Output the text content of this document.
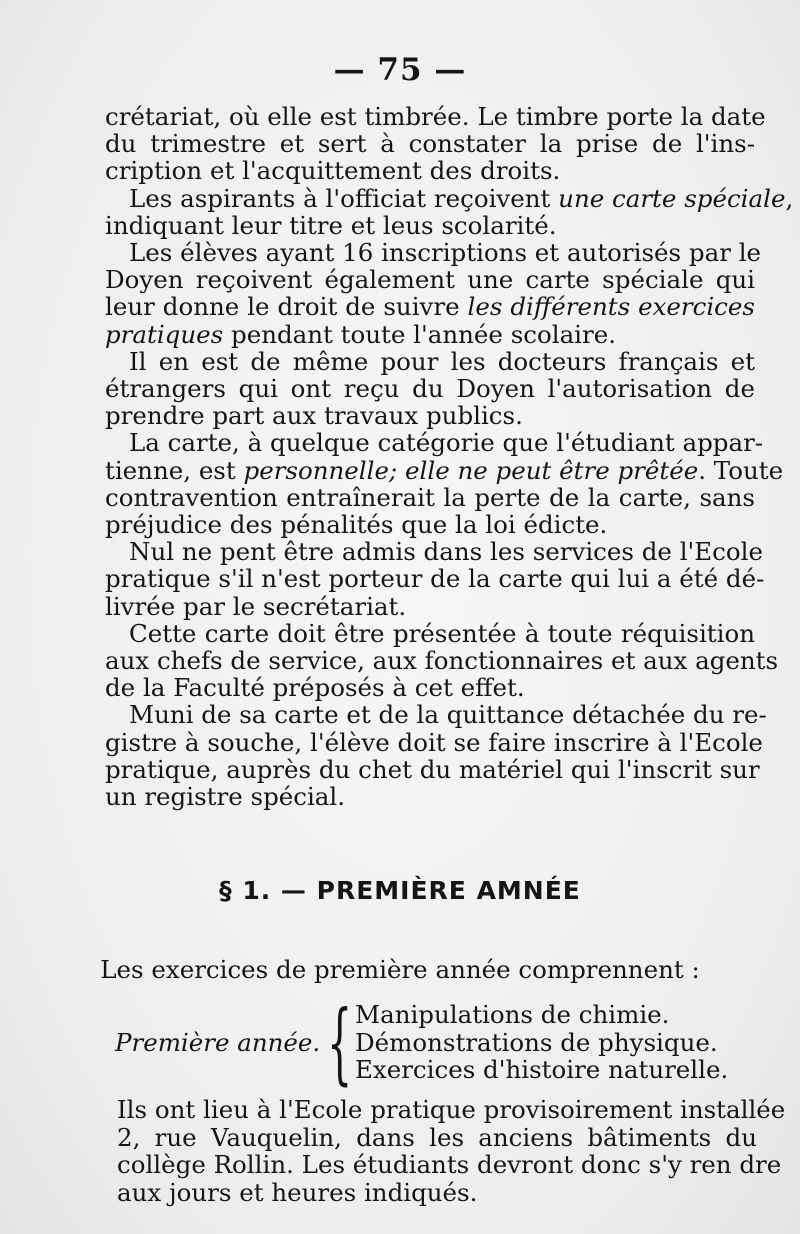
— 75 —
crétariat, où elle est timbrée. Le timbre porte la date
du trimestre et sert à constater la prise de l'ins-
cription et l'acquittement des droits.
Les aspirants à l'officiat reçoivent une carte spéciale,
indiquant leur titre et leus scolarité.
Les élèves ayant 16 inscriptions et autorisés par le
Doyen reçoivent également une carte spéciale qui
leur donne le droit de suivre les différents exercices
pratiques pendant toute l'année scolaire.
Il en est de même pour les docteurs français et
étrangers qui ont reçu du Doyen l'autorisation de
prendre part aux travaux publics.
La carte, à quelque catégorie que l'étudiant appar-
tienne, est personnelle; elle ne peut être prêtée. Toute
contravention entraînerait la perte de la carte, sans
préjudice des pénalités que la loi édicte.
Nul ne pent être admis dans les services de l'Ecole
pratique s'il n'est porteur de la carte qui lui a été dé-
livrée par le secrétariat.
Cette carte doit être présentée à toute réquisition
aux chefs de service, aux fonctionnaires et aux agents
de la Faculté préposés à cet effet.
Muni de sa carte et de la quittance détachée du re-
gistre à souche, l'élève doit se faire inscrire à l'Ecole
pratique, auprès du chet du matériel qui l'inscrit sur
un registre spécial.
§ 1. — PREMIÈRE AMNÉE
Les exercices de première année comprennent :
Première année. { Manipulations de chimie.
Démonstrations de physique.
Exercices d'histoire naturelle.
Ils ont lieu à l'Ecole pratique provisoirement installée
2, rue Vauquelin, dans les anciens bâtiments du
collège Rollin. Les étudiants devront donc s'y ren dre
aux jours et heures indiqués.
